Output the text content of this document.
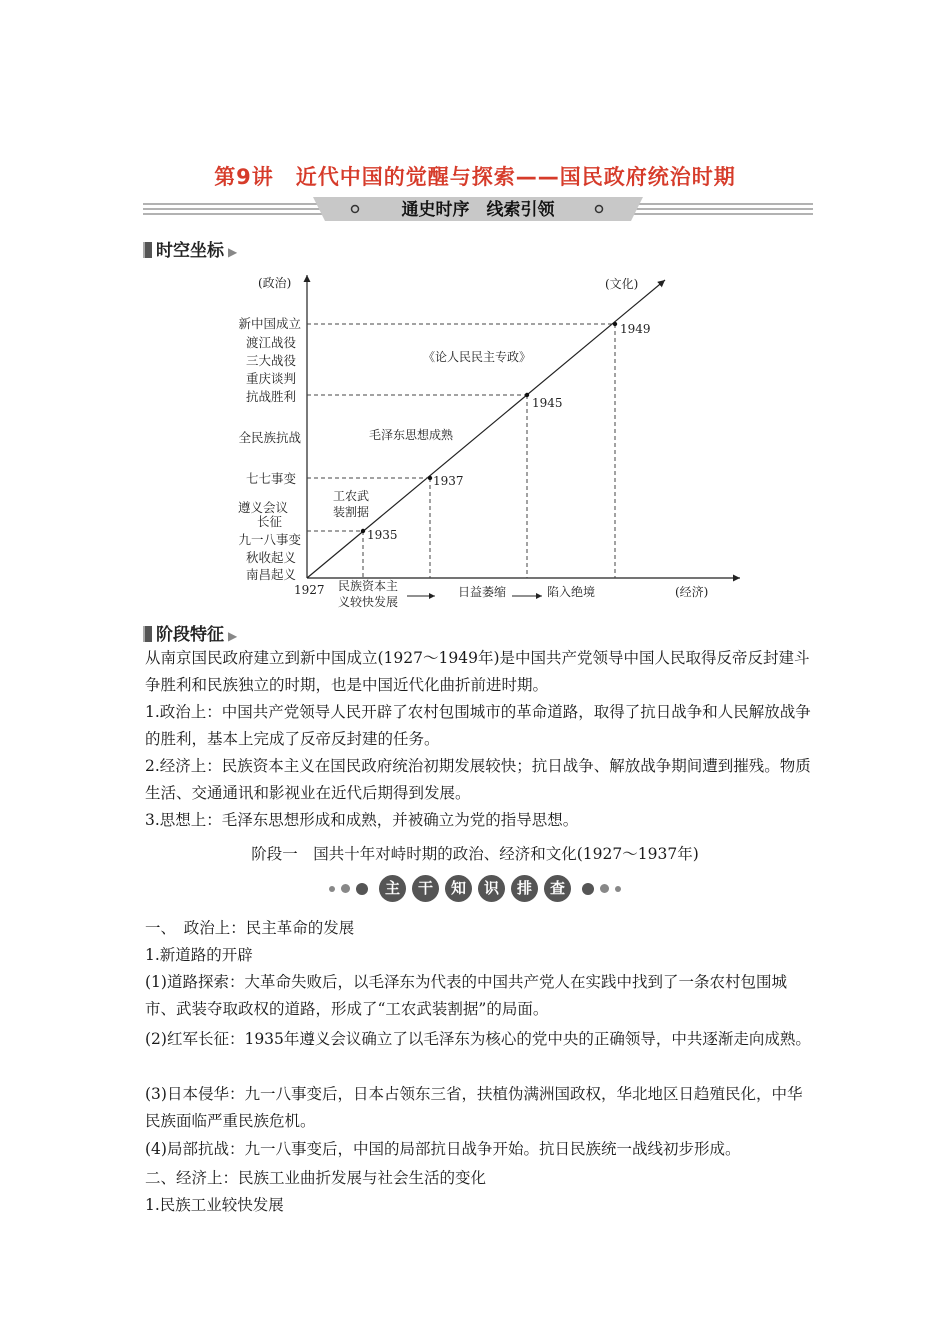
第9讲　近代中国的觉醒与探索——国民政府统治时期
通史时序　线索引领
时空坐标 ▶
(政治)	(文化)
(经济)
新中国成立
渡江战役
三大战役
重庆谈判
抗战胜利
全民族抗战
七七事变
遵义会议
长征
九一八事变
秋收起义
南昌起义
1927
1935
1937
1945
1949
《论人民民主专政》
毛泽东思想成熟
工农武
装割据
民族资本主
义较快发展
日益萎缩	陷入绝境
阶段特征 ▶

从南京国民政府建立到新中国成立(1927～1949年)是中国共产党领导中国人民取得反帝反封建斗争胜利和民族独立的时期，也是中国近代化曲折前进时期。

1.政治上：中国共产党领导人民开辟了农村包围城市的革命道路，取得了抗日战争和人民解放战争的胜利，基本上完成了反帝反封建的任务。

2.经济上：民族资本主义在国民政府统治初期发展较快；抗日战争、解放战争期间遭到摧残。物质生活、交通通讯和影视业在近代后期得到发展。

3.思想上：毛泽东思想形成和成熟，并被确立为党的指导思想。

阶段一　国共十年对峙时期的政治、经济和文化(1927～1937年)
主 干 知 识 排 查
一、　政治上：民主革命的发展
1.新道路的开辟
(1)道路探索：大革命失败后，以毛泽东为代表的中国共产党人在实践中找到了一条农村包围城市、武装夺取政权的道路，形成了“工农武装割据”的局面。
(2)红军长征：1935年遵义会议确立了以毛泽东为核心的党中央的正确领导，中共逐渐走向成熟。
(3)日本侵华：九一八事变后，日本占领东三省，扶植伪满洲国政权，华北地区日趋殖民化，中华民族面临严重民族危机。
(4)局部抗战：九一八事变后，中国的局部抗日战争开始。抗日民族统一战线初步形成。
二、经济上：民族工业曲折发展与社会生活的变化
1.民族工业较快发展
